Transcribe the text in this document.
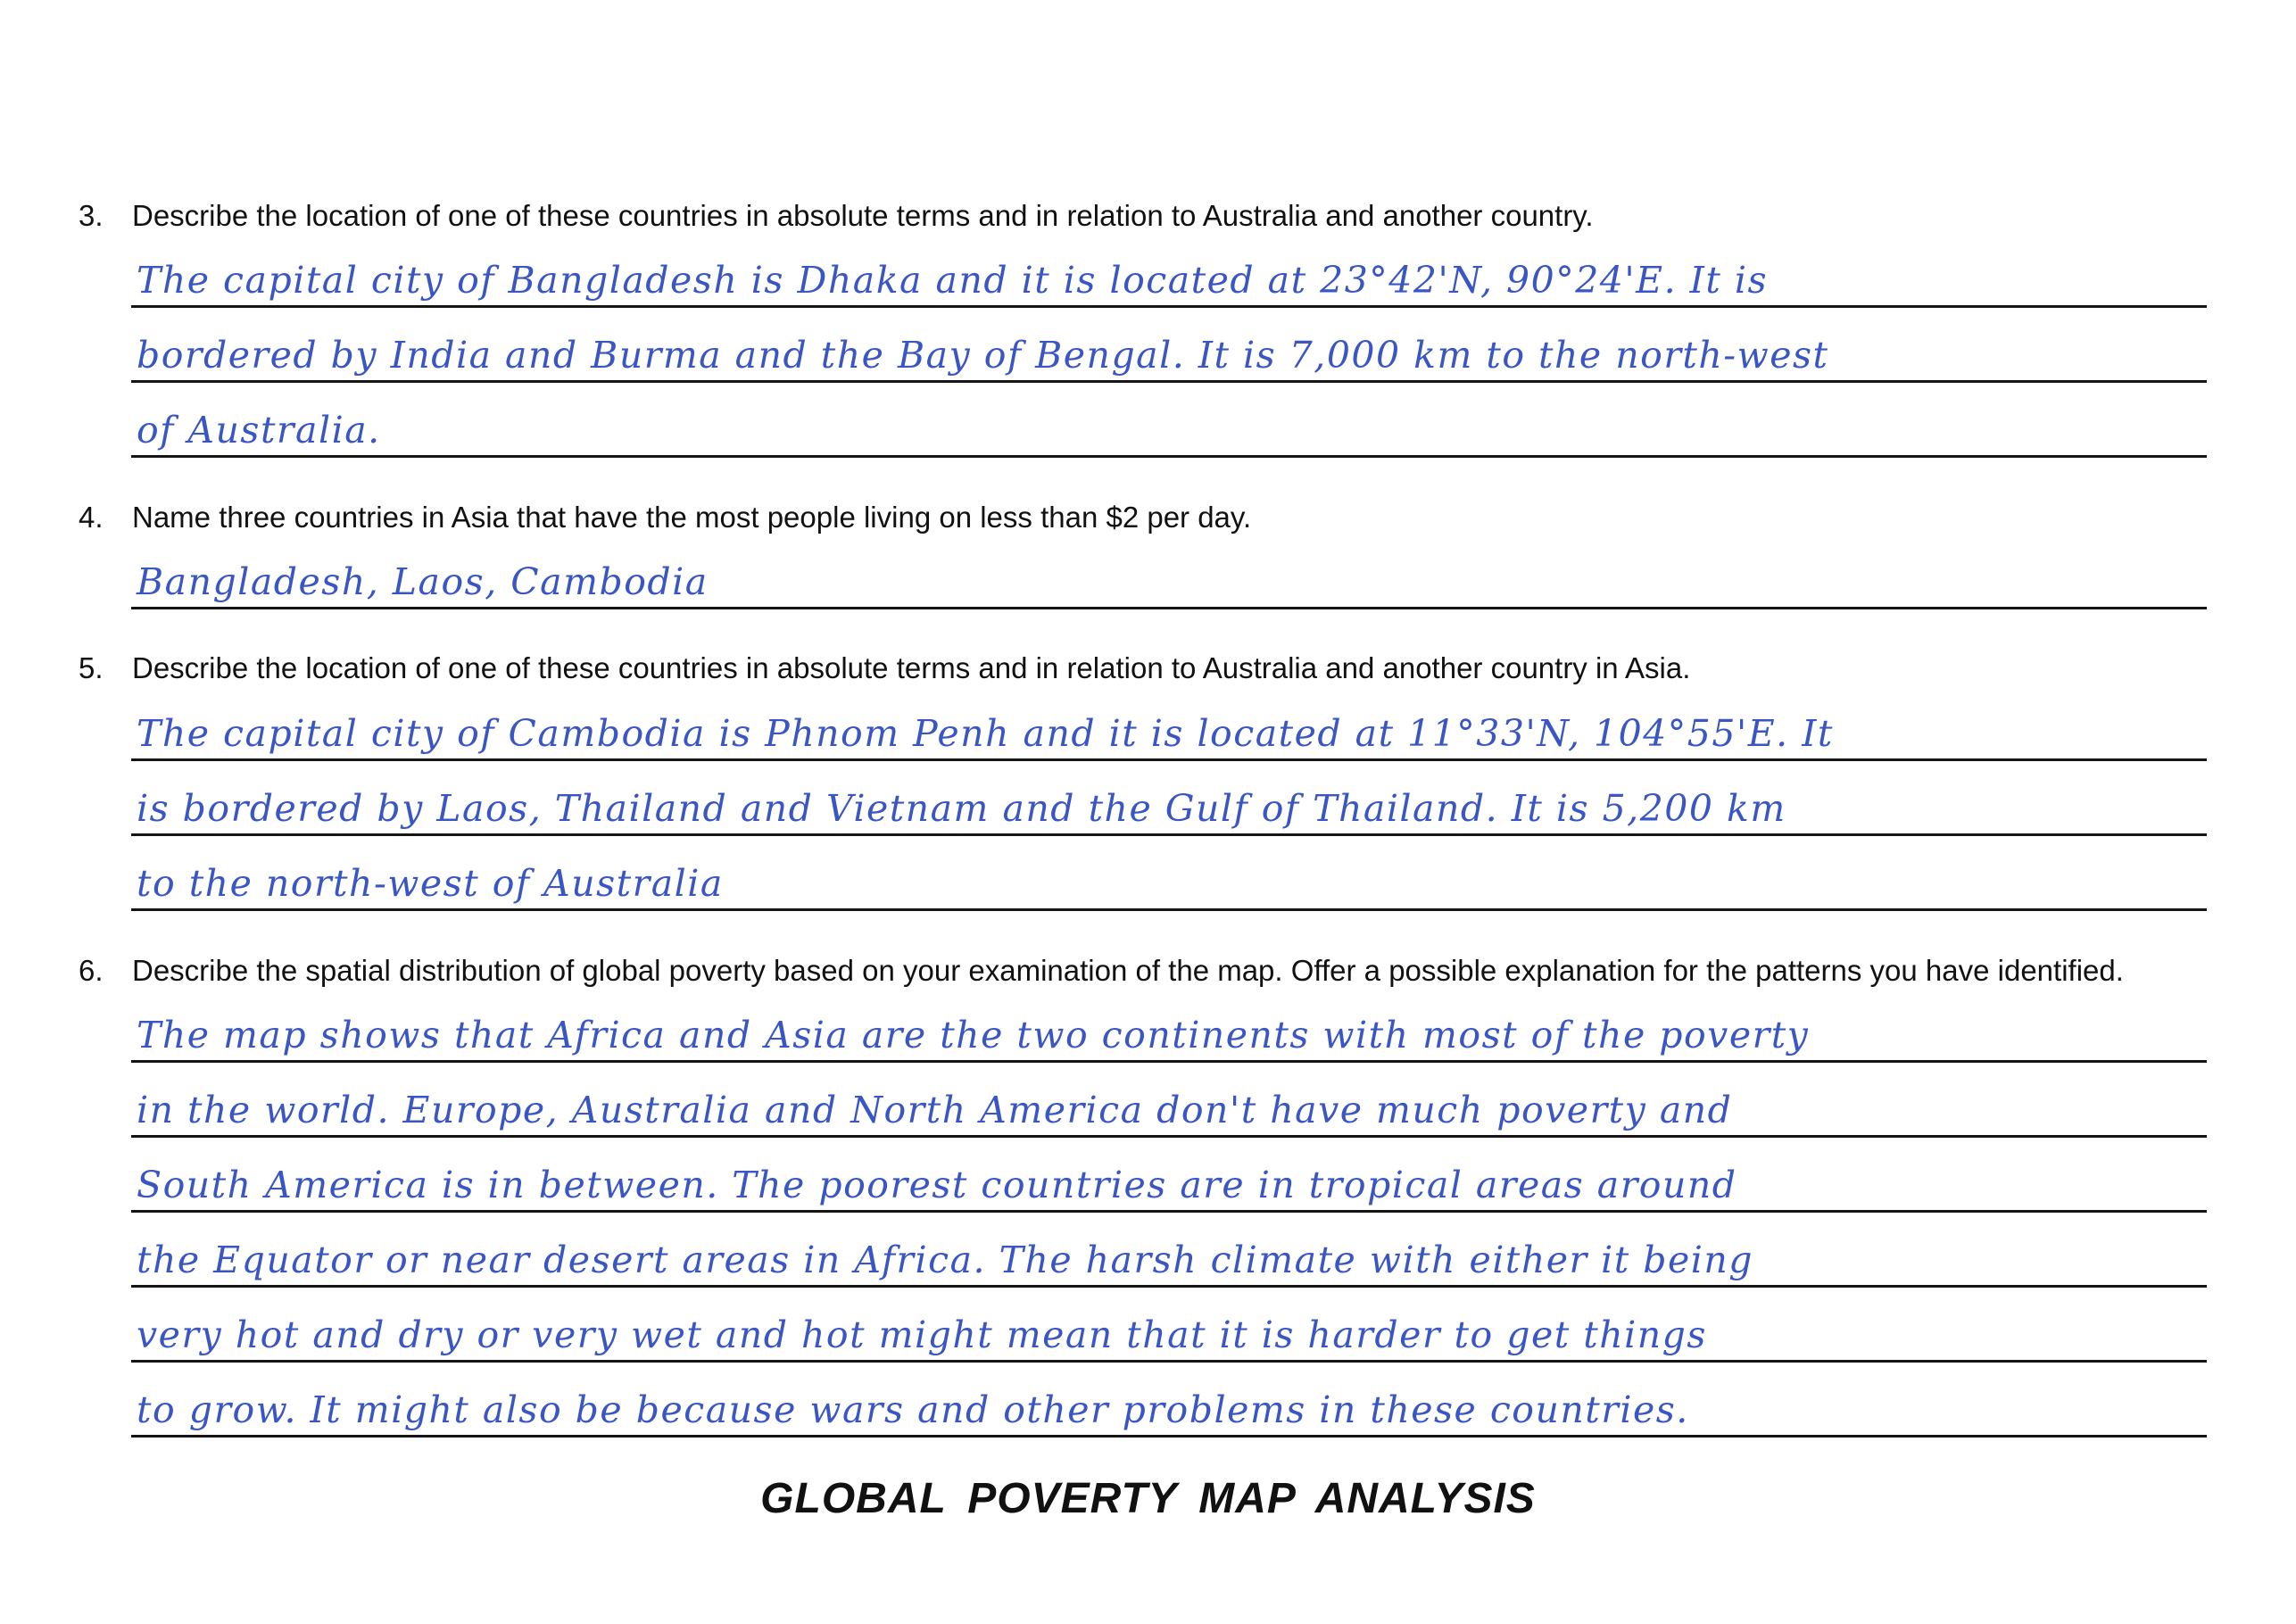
3. Describe the location of one of these countries in absolute terms and in relation to Australia and another country.
The capital city of Bangladesh is Dhaka and it is located at 23°42'N, 90°24'E. It is
bordered by India and Burma and the Bay of Bengal. It is 7,000 km to the north-west
of Australia.
4. Name three countries in Asia that have the most people living on less than $2 per day.
Bangladesh, Laos, Cambodia
5. Describe the location of one of these countries in absolute terms and in relation to Australia and another country in Asia.
The capital city of Cambodia is Phnom Penh and it is located at 11°33'N, 104°55'E. It
is bordered by Laos, Thailand and Vietnam and the Gulf of Thailand. It is 5,200 km
to the north-west of Australia
6. Describe the spatial distribution of global poverty based on your examination of the map. Offer a possible explanation for the patterns you have identified.
The map shows that Africa and Asia are the two continents with most of the poverty
in the world. Europe, Australia and North America don't have much poverty and
South America is in between. The poorest countries are in tropical areas around
the Equator or near desert areas in Africa. The harsh climate with either it being
very hot and dry or very wet and hot might mean that it is harder to get things
to grow. It might also be because wars and other problems in these countries.
GLOBAL POVERTY MAP ANALYSIS
